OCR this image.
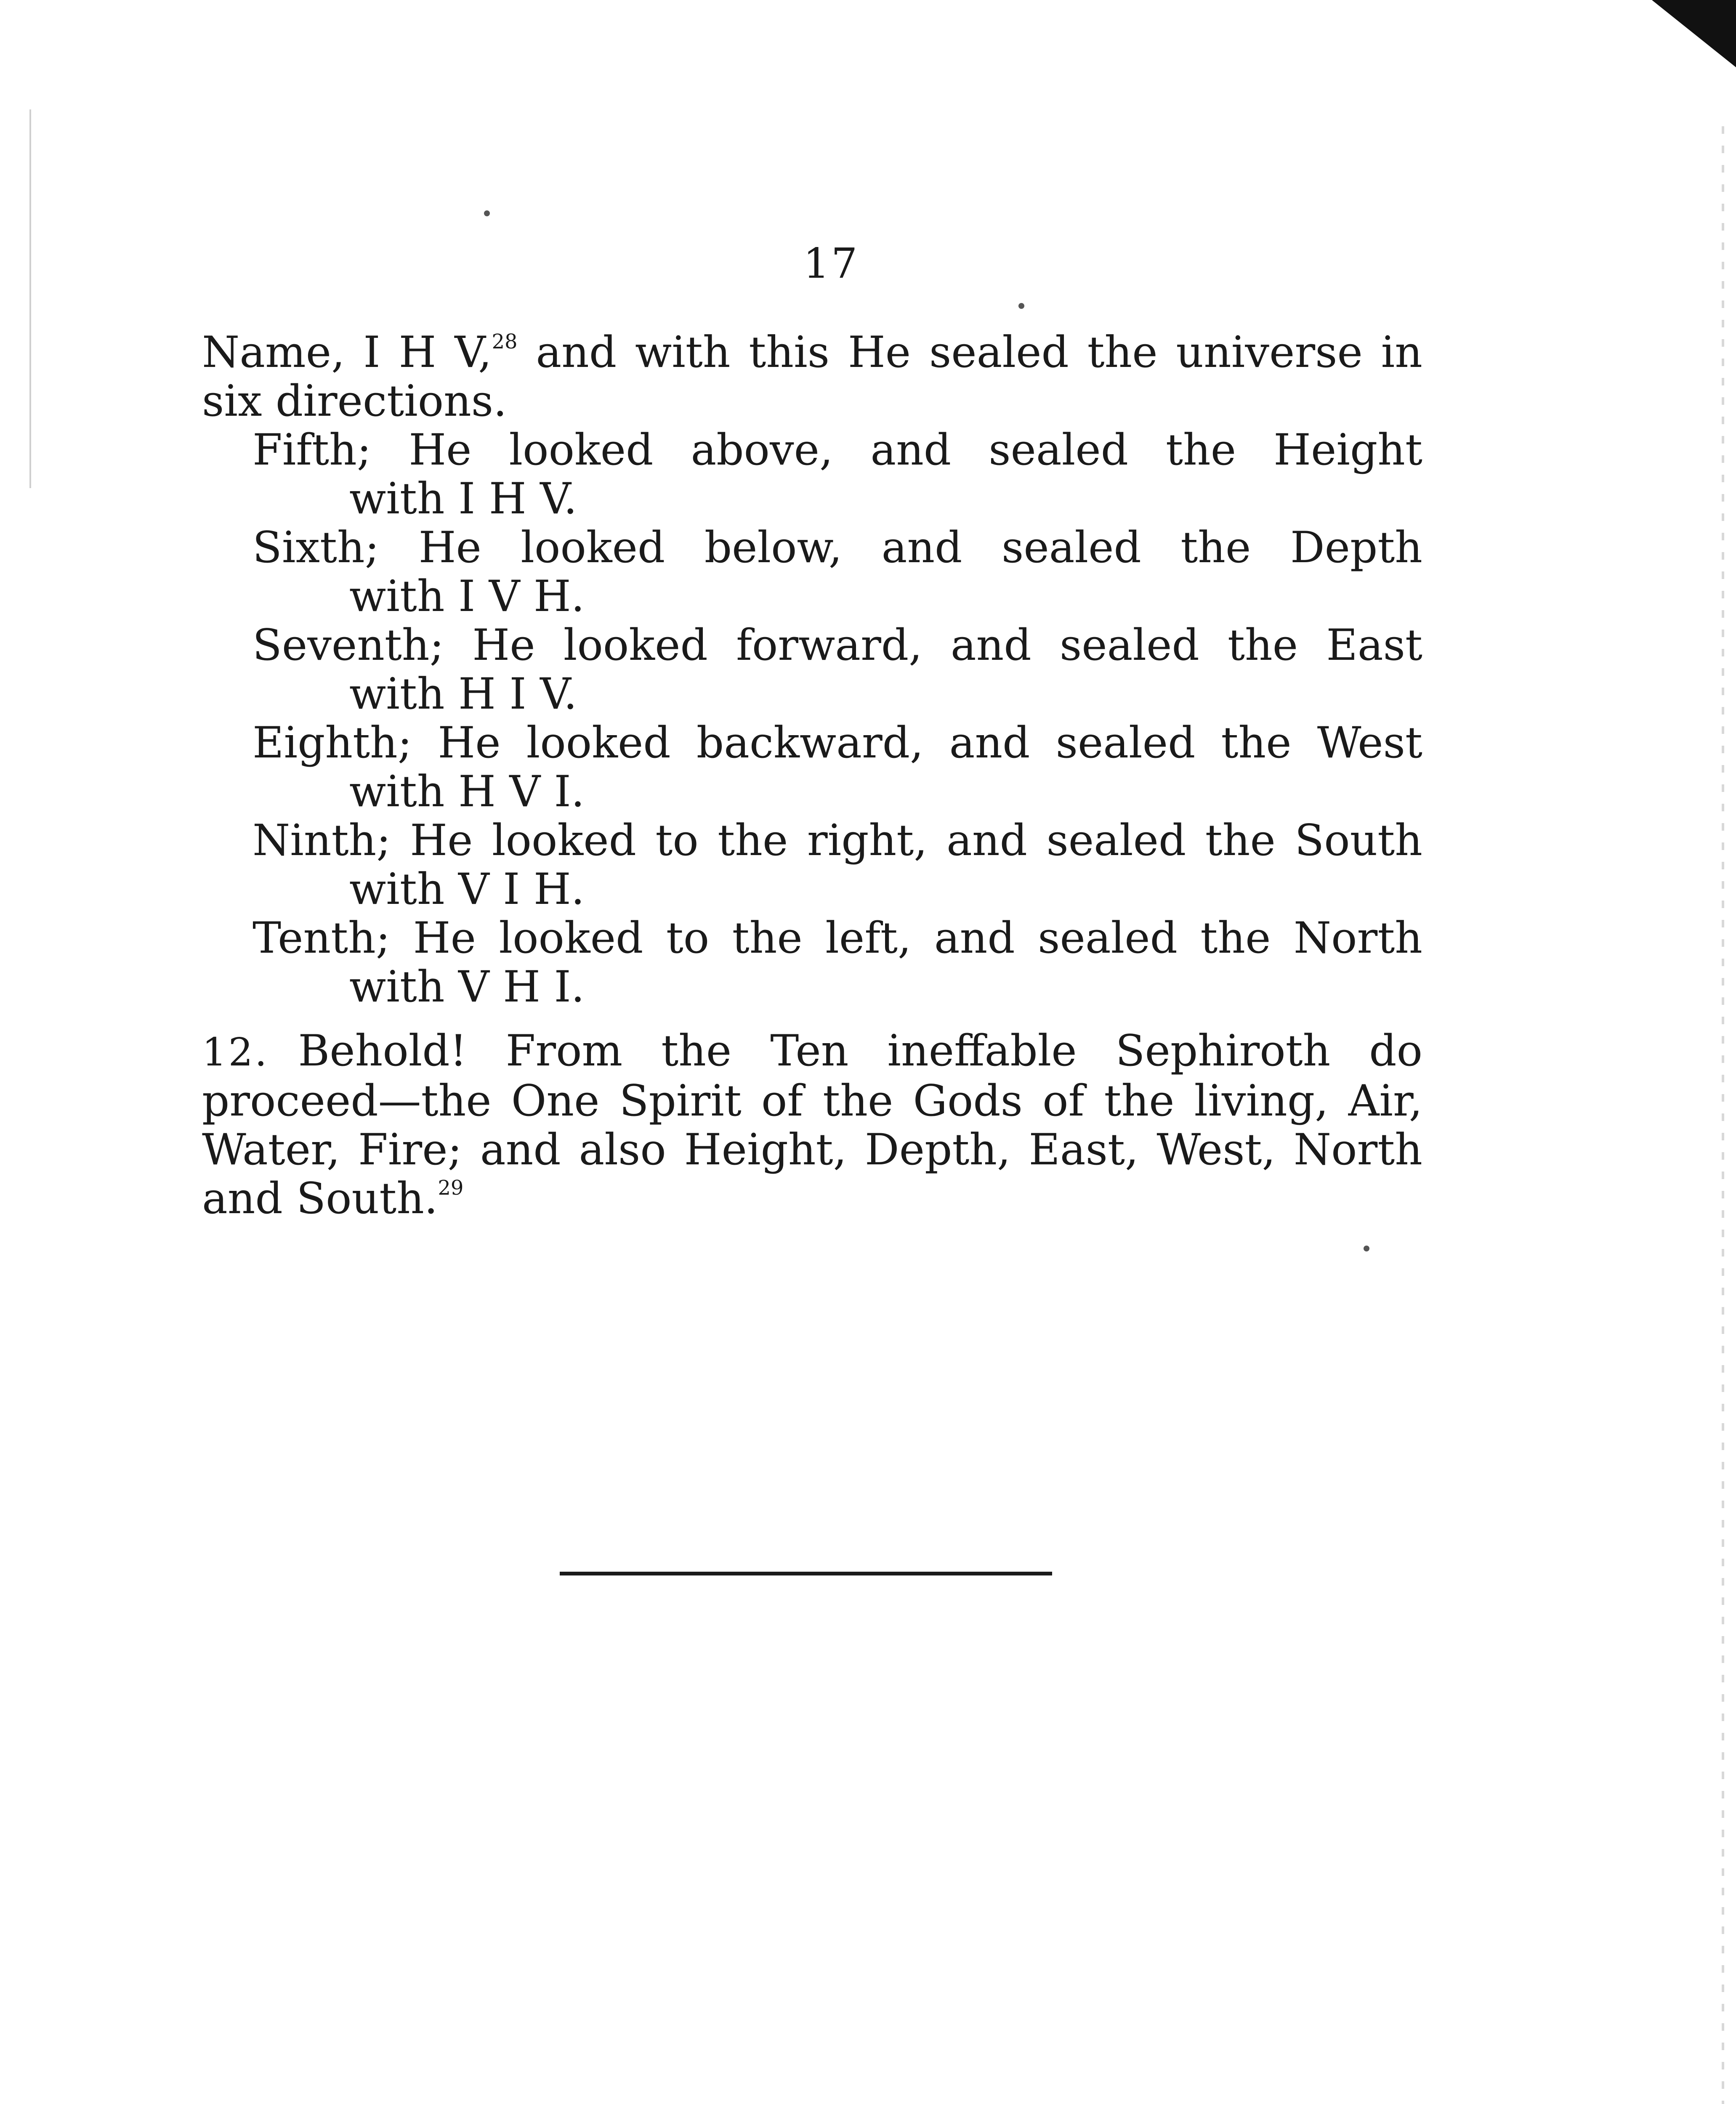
17

Name, I H V,$^{28}$ and with this He sealed the universe in six directions.

Fifth; He looked above, and sealed the Height
with I H V.
Sixth; He looked below, and sealed the Depth
with I V H.
Seventh; He looked forward, and sealed the East
with H I V.
Eighth; He looked backward, and sealed the West
with H V I.
Ninth; He looked to the right, and sealed the South
with V I H.
Tenth; He looked to the left, and sealed the North
with V H I.

12. Behold! From the Ten ineffable Sephiroth do proceed—the One Spirit of the Gods of the living, Air, Water, Fire; and also Height, Depth, East, West, North and South.$^{29}$
